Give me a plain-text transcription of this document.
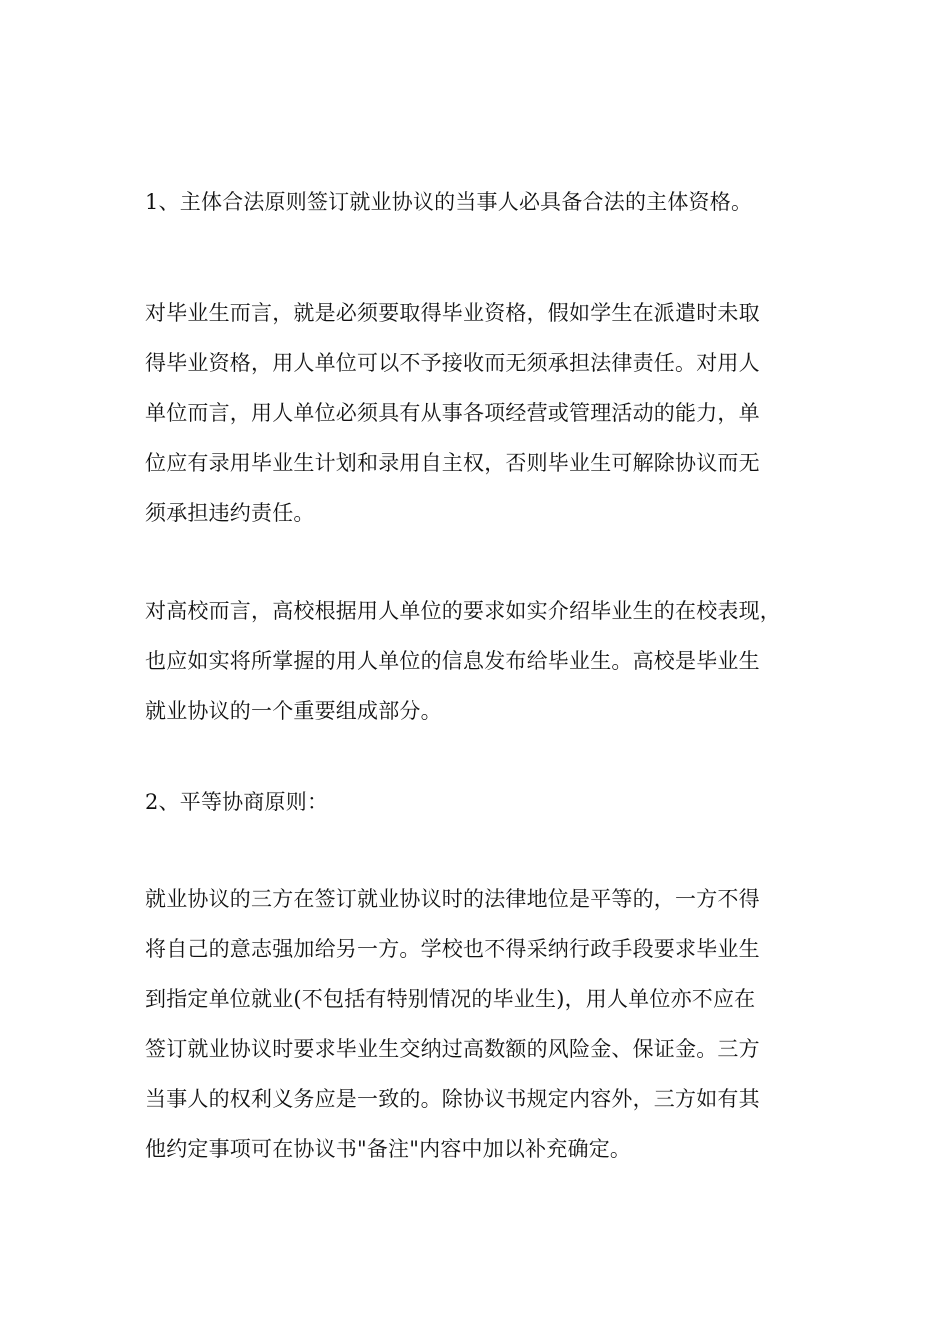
1、主体合法原则签订就业协议的当事人必具备合法的主体资格。
对毕业生而言，就是必须要取得毕业资格，假如学生在派遣时未取
得毕业资格，用人单位可以不予接收而无须承担法律责任。对用人
单位而言，用人单位必须具有从事各项经营或管理活动的能力，单
位应有录用毕业生计划和录用自主权，否则毕业生可解除协议而无
须承担违约责任。
对高校而言，高校根据用人单位的要求如实介绍毕业生的在校表现，
也应如实将所掌握的用人单位的信息发布给毕业生。高校是毕业生
就业协议的一个重要组成部分。
2、平等协商原则：
就业协议的三方在签订就业协议时的法律地位是平等的，一方不得
将自己的意志强加给另一方。学校也不得采纳行政手段要求毕业生
到指定单位就业(不包括有特别情况的毕业生)，用人单位亦不应在
签订就业协议时要求毕业生交纳过高数额的风险金、保证金。三方
当事人的权利义务应是一致的。除协议书规定内容外，三方如有其
他约定事项可在协议书"备注"内容中加以补充确定。
